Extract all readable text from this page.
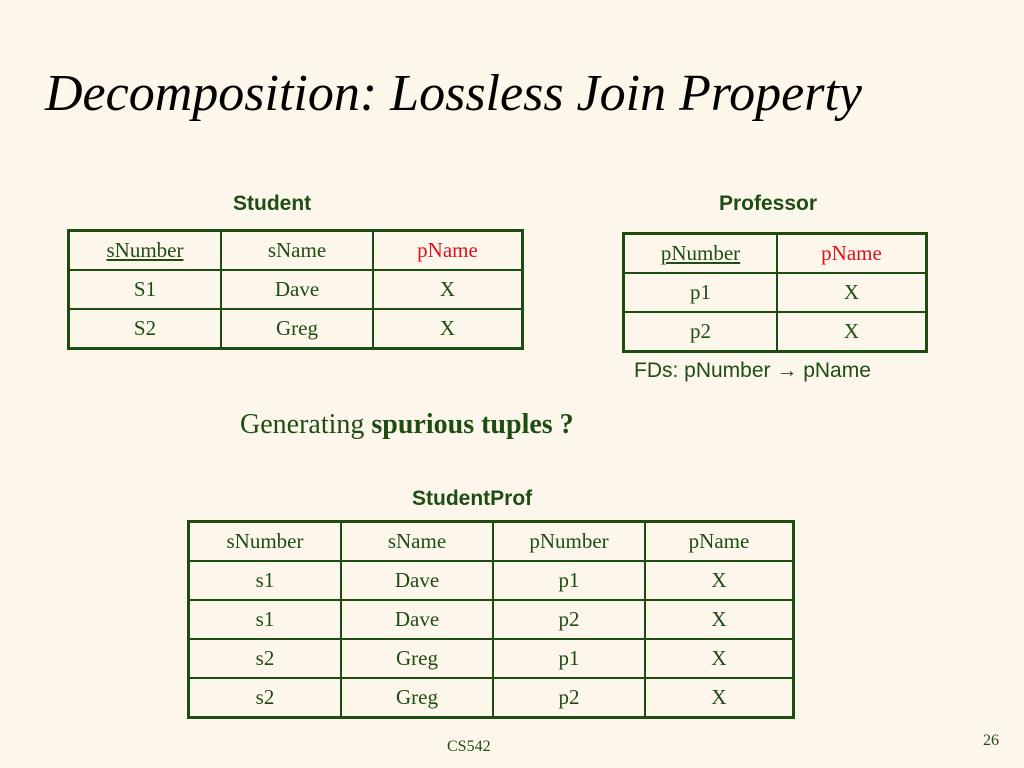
Decomposition: Lossless Join Property
Student
sNumber	sName	pName
S1	Dave	X
S2	Greg	X
Professor
pNumber	pName
p1	X
p2	X
FDs: pNumber → pName
Generating spurious tuples ?
StudentProf
sNumber	sName	pNumber	pName
s1	Dave	p1	X
s1	Dave	p2	X
s2	Greg	p1	X
s2	Greg	p2	X
CS542	26
